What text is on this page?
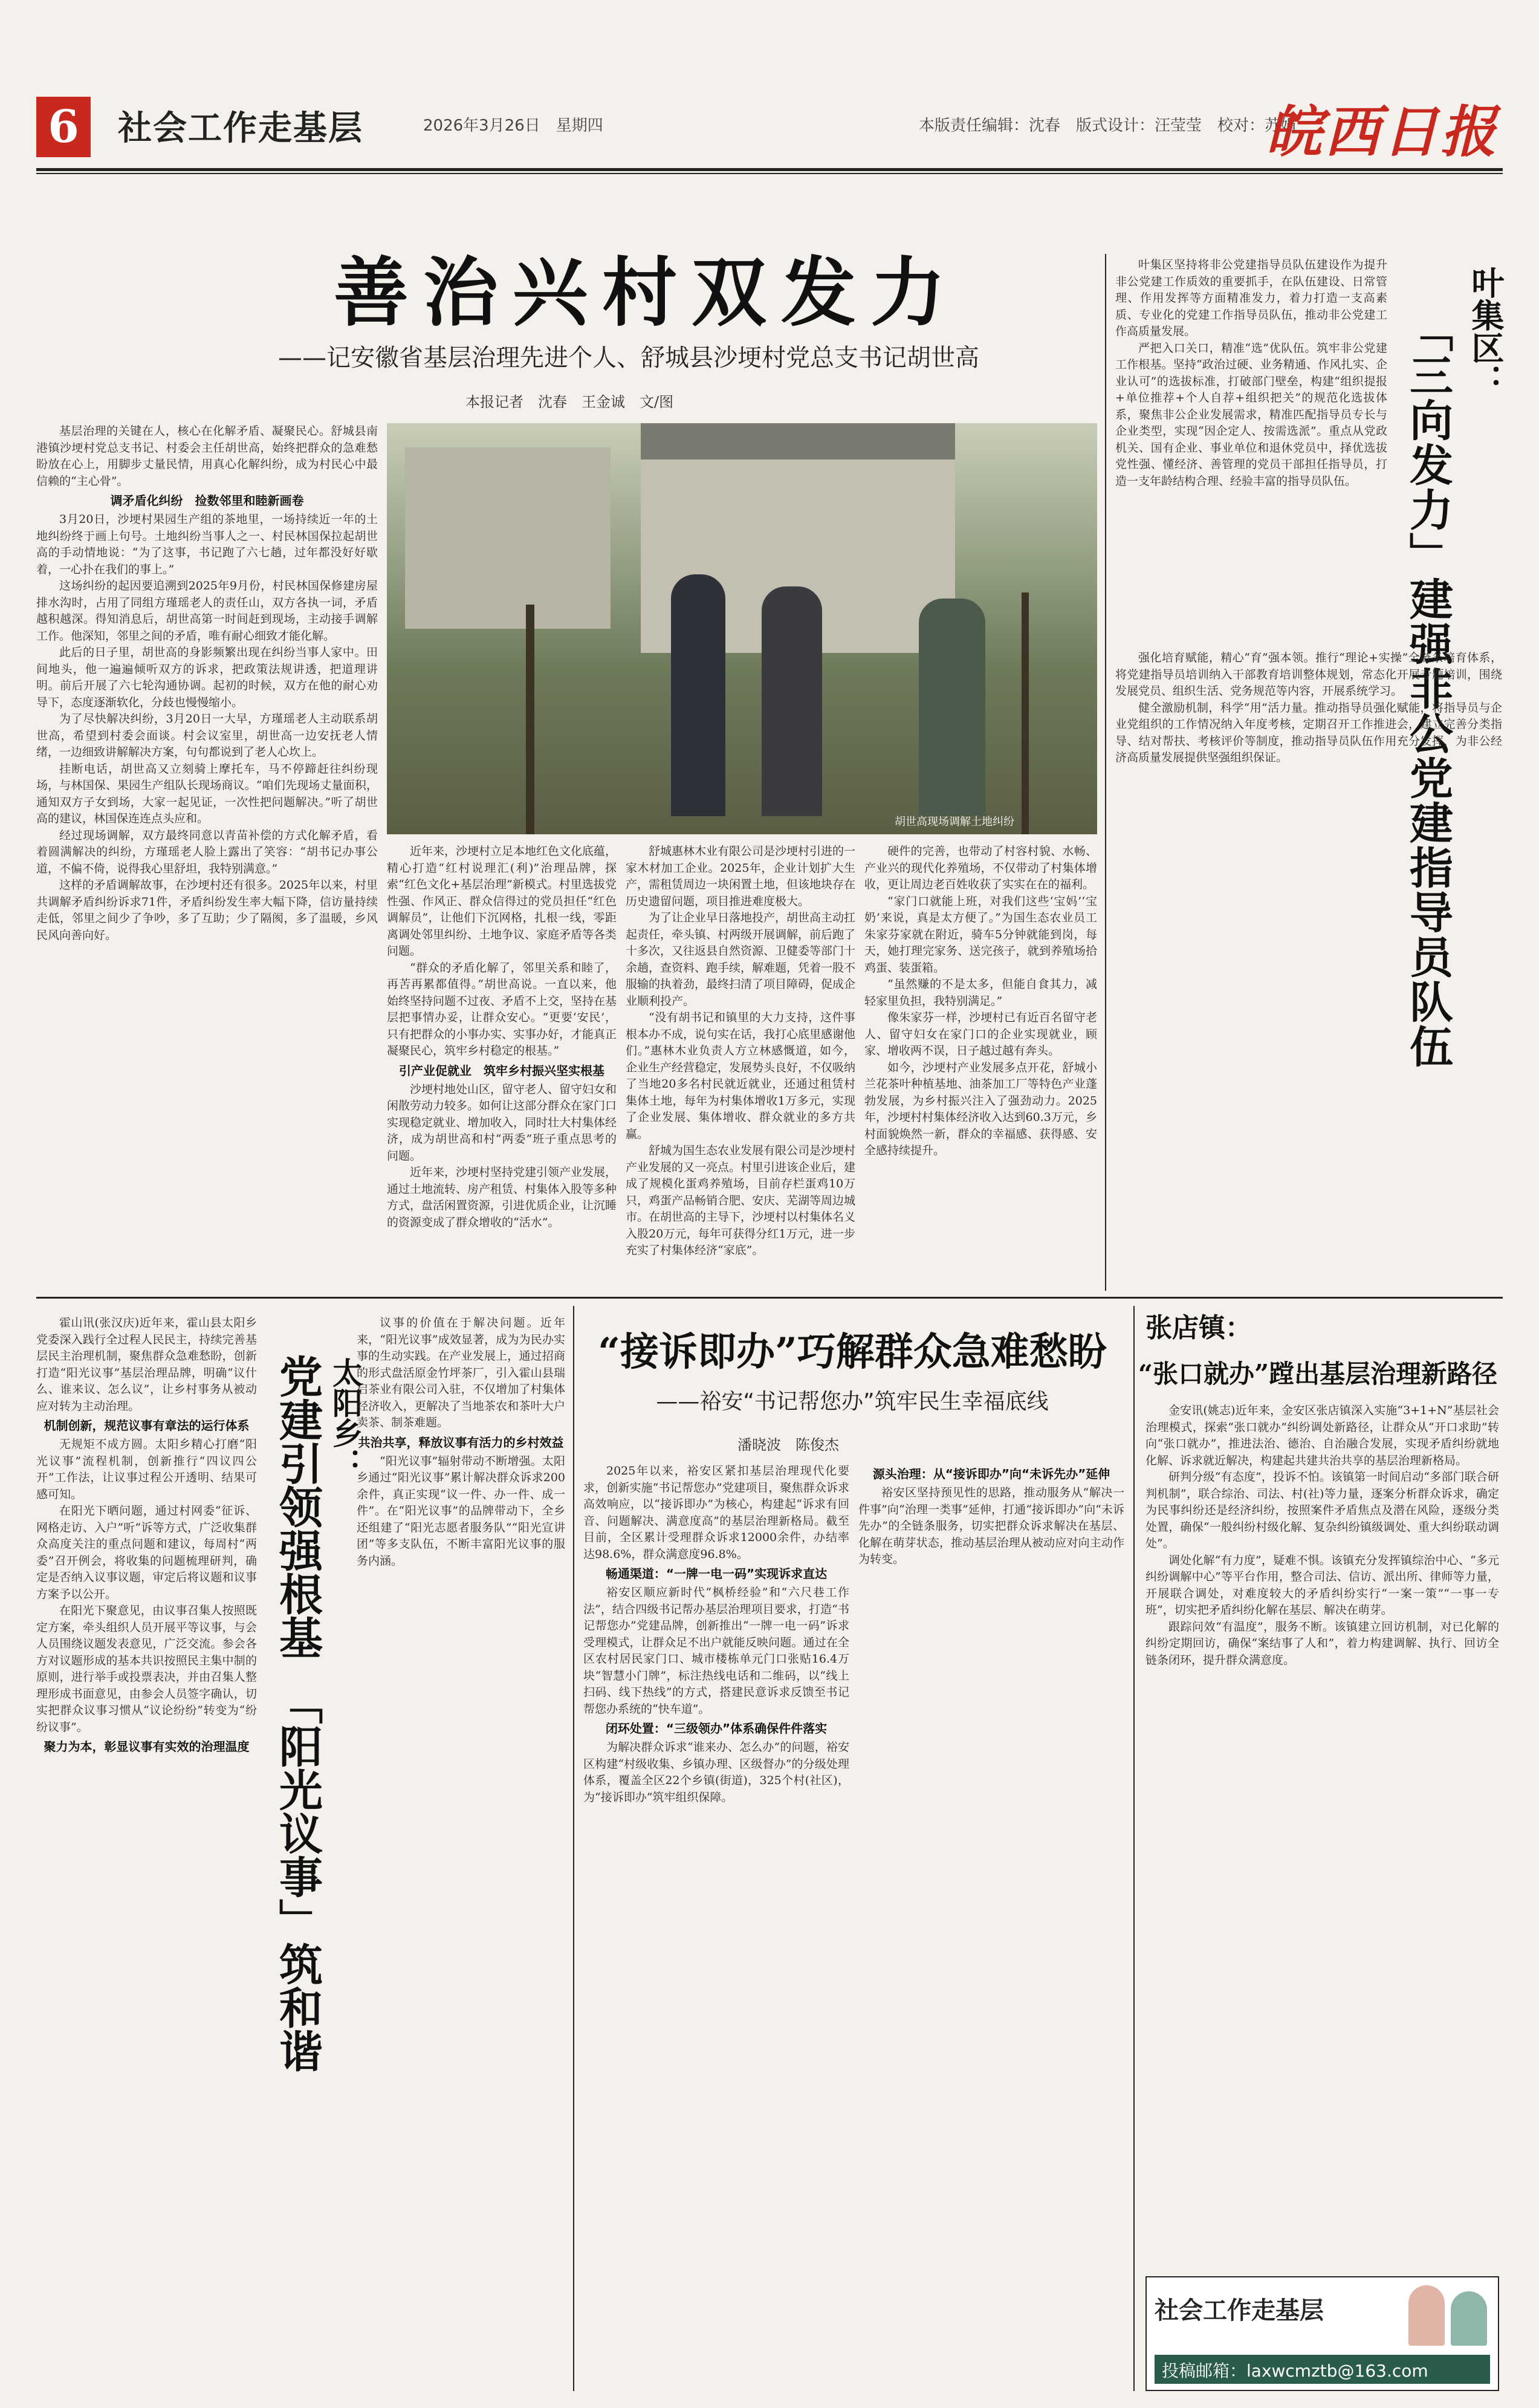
6	社会工作走基层	2026年3月26日　星期四	本版责任编辑：沈春　版式设计：汪莹莹　校对：苏娟
皖西日报
善治兴村双发力
——记安徽省基层治理先进个人、舒城县沙埂村党总支书记胡世高
本报记者　沈春　王金诚　文/图

基层治理的关键在人，核心在化解矛盾、凝聚民心。舒城县南港镇沙埂村党总支书记、村委会主任胡世高，始终把群众的急难愁盼放在心上，用脚步丈量民情，用真心化解纠纷，成为村民心中最信赖的“主心骨”。

调矛盾化纠纷　捡数邻里和睦新画卷

3月20日，沙埂村果园生产组的茶地里，一场持续近一年的土地纠纷终于画上句号。土地纠纷当事人之一、村民林国保拉起胡世高的手动情地说：“为了这事，书记跑了六七趟，过年都没好好歇着，一心扑在我们的事上。”

这场纠纷的起因要追溯到2025年9月份，村民林国保修建房屋排水沟时，占用了同组方瑾瑶老人的责任山，双方各执一词，矛盾越积越深。得知消息后，胡世高第一时间赶到现场，主动接手调解工作。他深知，邻里之间的矛盾，唯有耐心细致才能化解。

此后的日子里，胡世高的身影频繁出现在纠纷当事人家中。田间地头，他一遍遍倾听双方的诉求，把政策法规讲透，把道理讲明。前后开展了六七轮沟通协调。起初的时候，双方在他的耐心劝导下，态度逐渐软化，分歧也慢慢缩小。

为了尽快解决纠纷，3月20日一大早，方瑾瑶老人主动联系胡世高，希望到村委会面谈。村会议室里，胡世高一边安抚老人情绪，一边细致讲解解决方案，句句都说到了老人心坎上。

挂断电话，胡世高又立刻骑上摩托车，马不停蹄赶往纠纷现场，与林国保、果园生产组队长现场商议。“咱们先现场丈量面积，通知双方子女到场，大家一起见证，一次性把问题解决。”听了胡世高的建议，林国保连连点头应和。

经过现场调解，双方最终同意以青苗补偿的方式化解矛盾，看着圆满解决的纠纷，方瑾瑶老人脸上露出了笑容：“胡书记办事公道，不偏不倚，说得我心里舒坦，我特别满意。”

这样的矛盾调解故事，在沙埂村还有很多。2025年以来，村里共调解矛盾纠纷诉求71件，矛盾纠纷发生率大幅下降，信访量持续走低，邻里之间少了争吵，多了互助；少了隔阂，多了温暖，乡风民风向善向好。

胡世高现场调解土地纠纷

近年来，沙埂村立足本地红色文化底蕴，精心打造“红村说理汇(利)”治理品牌，探索“红色文化+基层治理”新模式。村里选拔党性强、作风正、群众信得过的党员担任“红色调解员”，让他们下沉网格，扎根一线，零距离调处邻里纠纷、土地争议、家庭矛盾等各类问题。

“群众的矛盾化解了，邻里关系和睦了，再苦再累都值得。”胡世高说。一直以来，他始终坚持问题不过夜、矛盾不上交，坚持在基层把事情办妥，让群众安心。“更要‘安民’，只有把群众的小事办实、实事办好，才能真正凝聚民心，筑牢乡村稳定的根基。”

引产业促就业　筑牢乡村振兴坚实根基

沙埂村地处山区，留守老人、留守妇女和闲散劳动力较多。如何让这部分群众在家门口实现稳定就业、增加收入，同时壮大村集体经济，成为胡世高和村“两委”班子重点思考的问题。

近年来，沙埂村坚持党建引领产业发展，通过土地流转、房产租赁、村集体入股等多种方式，盘活闲置资源，引进优质企业，让沉睡的资源变成了群众增收的“活水”。

舒城惠林木业有限公司是沙埂村引进的一家木材加工企业。2025年，企业计划扩大生产，需租赁周边一块闲置土地，但该地块存在历史遗留问题，项目推进难度极大。

为了让企业早日落地投产，胡世高主动扛起责任，牵头镇、村两级开展调解，前后跑了十多次，又往返县自然资源、卫健委等部门十余趟，查资料、跑手续，解难题，凭着一股不服输的执着劲，最终扫清了项目障碍，促成企业顺利投产。

“没有胡书记和镇里的大力支持，这件事根本办不成，说句实在话，我打心底里感谢他们。”惠林木业负责人方立林感慨道，如今，企业生产经营稳定，发展势头良好，不仅吸纳了当地20多名村民就近就业，还通过租赁村集体土地，每年为村集体增收1万多元，实现了企业发展、集体增收、群众就业的多方共赢。

舒城为国生态农业发展有限公司是沙埂村产业发展的又一亮点。村里引进该企业后，建成了规模化蛋鸡养殖场，目前存栏蛋鸡10万只，鸡蛋产品畅销合肥、安庆、芜湖等周边城市。在胡世高的主导下，沙埂村以村集体名义入股20万元，每年可获得分红1万元，进一步充实了村集体经济“家底”。

硬件的完善，也带动了村容村貌、水畅、产业兴的现代化养殖场，不仅带动了村集体增收，更让周边老百姓收获了实实在在的福利。

“家门口就能上班，对我们这些‘宝妈’‘宝奶’来说，真是太方便了。”为国生态农业员工朱家芬家就在附近，骑车5分钟就能到岗，每天，她打理完家务、送完孩子，就到养殖场拾鸡蛋、装蛋箱。

“虽然赚的不是太多，但能自食其力，减轻家里负担，我特别满足。”

像朱家芬一样，沙埂村已有近百名留守老人、留守妇女在家门口的企业实现就业，顾家、增收两不误，日子越过越有奔头。

如今，沙埂村产业发展多点开花，舒城小兰花茶叶种植基地、油茶加工厂等特色产业蓬勃发展，为乡村振兴注入了强劲动力。2025年，沙埂村村集体经济收入达到60.3万元，乡村面貌焕然一新，群众的幸福感、获得感、安全感持续提升。

叶集区：
「三向发力」建强非公党建指导员队伍

叶集区坚持将非公党建指导员队伍建设作为提升非公党建工作质效的重要抓手，在队伍建设、日常管理、作用发挥等方面精准发力，着力打造一支高素质、专业化的党建工作指导员队伍，推动非公党建工作高质量发展。

严把入口关口，精准“选”优队伍。筑牢非公党建工作根基。坚持“政治过硬、业务精通、作风扎实、企业认可”的选拔标准，打破部门壁垒，构建“组织提报+单位推荐+个人自荐+组织把关”的规范化选拔体系，聚焦非公企业发展需求，精准匹配指导员专长与企业类型，实现“因企定人、按需选派”。重点从党政机关、国有企业、事业单位和退休党员中，择优选拔党性强、懂经济、善管理的党员干部担任指导员，打造一支年龄结构合理、经验丰富的指导员队伍。

强化培育赋能，精心“育”强本领。推行“理论+实操”全链条培育体系，将党建指导员培训纳入干部教育培训整体规划，常态化开展专题培训，围绕发展党员、组织生活、党务规范等内容，开展系统学习。

健全激励机制，科学“用”活力量。推动指导员强化赋能，将指导员与企业党组织的工作情况纳入年度考核，定期召开工作推进会，建立完善分类指导、结对帮扶、考核评价等制度，推动指导员队伍作用充分发挥，为非公经济高质量发展提供坚强组织保证。

霍山讯(张汉庆)近年来，霍山县太阳乡党委深入践行全过程人民民主，持续完善基层民主治理机制，聚焦群众急难愁盼，创新打造“阳光议事”基层治理品牌，明确“议什么、谁来议、怎么议”，让乡村事务从被动应对转为主动治理。

机制创新，规范议事有章法的运行体系

无规矩不成方圆。太阳乡精心打磨“阳光议事”流程机制，创新推行“四议四公开”工作法，让议事过程公开透明、结果可感可知。

在阳光下晒问题，通过村网委“征诉、网格走访、入户”听”诉等方式，广泛收集群众高度关注的重点问题和建议，每周村“两委”召开例会，将收集的问题梳理研判，确定是否纳入议事议题，审定后将议题和议事方案予以公开。

在阳光下聚意见，由议事召集人按照既定方案，牵头组织人员开展平等议事，与会人员围绕议题发表意见，广泛交流。参会各方对议题形成的基本共识按照民主集中制的原则，进行举手或投票表决，并由召集人整理形成书面意见，由参会人员签字确认，切实把群众议事习惯从“议论纷纷”转变为“纷纷议事”。

聚力为本，彰显议事有实效的治理温度

太阳乡：
党建引领强根基　「阳光议事」筑和谐

议事的价值在于解决问题。近年来，“阳光议事”成效显著，成为为民办实事的生动实践。在产业发展上，通过招商的形式盘活原金竹坪茶厂，引入霍山县瑞启茶业有限公司入驻，不仅增加了村集体经济收入，更解决了当地茶农和茶叶大户卖茶、制茶难题。

共治共享，释放议事有活力的乡村效益

“阳光议事”辐射带动不断增强。太阳乡通过“阳光议事”累计解决群众诉求200余件，真正实现“议一件、办一件、成一件”。在“阳光议事”的品牌带动下，全乡还组建了“阳光志愿者服务队”“阳光宣讲团”等多支队伍，不断丰富阳光议事的服务内涵。

“接诉即办”巧解群众急难愁盼
——裕安“书记帮您办”筑牢民生幸福底线
潘晓波　陈俊杰

2025年以来，裕安区紧扣基层治理现代化要求，创新实施“书记帮您办”党建项目，聚焦群众诉求高效响应，以“接诉即办”为核心，构建起“诉求有回音、问题解决、满意度高”的基层治理新格局。截至目前，全区累计受理群众诉求12000余件，办结率达98.6%，群众满意度96.8%。

畅通渠道：“一牌一电一码”实现诉求直达

裕安区顺应新时代“枫桥经验”和“六尺巷工作法”，结合四级书记帮办基层治理项目要求，打造“书记帮您办”党建品牌，创新推出“一牌一电一码”诉求受理模式，让群众足不出户就能反映问题。通过在全区农村居民家门口、城市楼栋单元门口张贴16.4万块“智慧小门牌”，标注热线电话和二维码，以“线上扫码、线下热线”的方式，搭建民意诉求反馈至书记帮您办系统的“快车道”。

闭环处置：“三级领办”体系确保件件落实

为解决群众诉求“谁来办、怎么办”的问题，裕安区构建“村级收集、乡镇办理、区级督办”的分级处理体系，覆盖全区22个乡镇(街道)，325个村(社区)，为“接诉即办”筑牢组织保障。

源头治理：从“接诉即办”向“未诉先办”延伸

裕安区坚持预见性的思路，推动服务从“解决一件事”向“治理一类事”延伸，打通“接诉即办”向“未诉先办”的全链条服务，切实把群众诉求解决在基层、化解在萌芽状态，推动基层治理从被动应对向主动作为转变。

张店镇：
“张口就办”蹚出基层治理新路径

金安讯(姚志)近年来，金安区张店镇深入实施“3+1+N”基层社会治理模式，探索“张口就办”纠纷调处新路径，让群众从“开口求助”转向“张口就办”，推进法治、德治、自治融合发展，实现矛盾纠纷就地化解、诉求就近解决，构建起共建共治共享的基层治理新格局。

研判分级“有态度”，投诉不怕。该镇第一时间启动“多部门联合研判机制”，联合综治、司法、村(社)等力量，逐案分析群众诉求，确定为民事纠纷还是经济纠纷，按照案件矛盾焦点及潜在风险，逐级分类处置，确保“一般纠纷村级化解、复杂纠纷镇级调处、重大纠纷联动调处”。

调处化解“有力度”，疑难不惧。该镇充分发挥镇综治中心、“多元纠纷调解中心”等平台作用，整合司法、信访、派出所、律师等力量，开展联合调处，对难度较大的矛盾纠纷实行“一案一策”“一事一专班”，切实把矛盾纠纷化解在基层、解决在萌芽。

跟踪问效“有温度”，服务不断。该镇建立回访机制，对已化解的纠纷定期回访，确保“案结事了人和”，着力构建调解、执行、回访全链条闭环，提升群众满意度。

社会工作走基层
投稿邮箱：laxwcmztb@163.com
